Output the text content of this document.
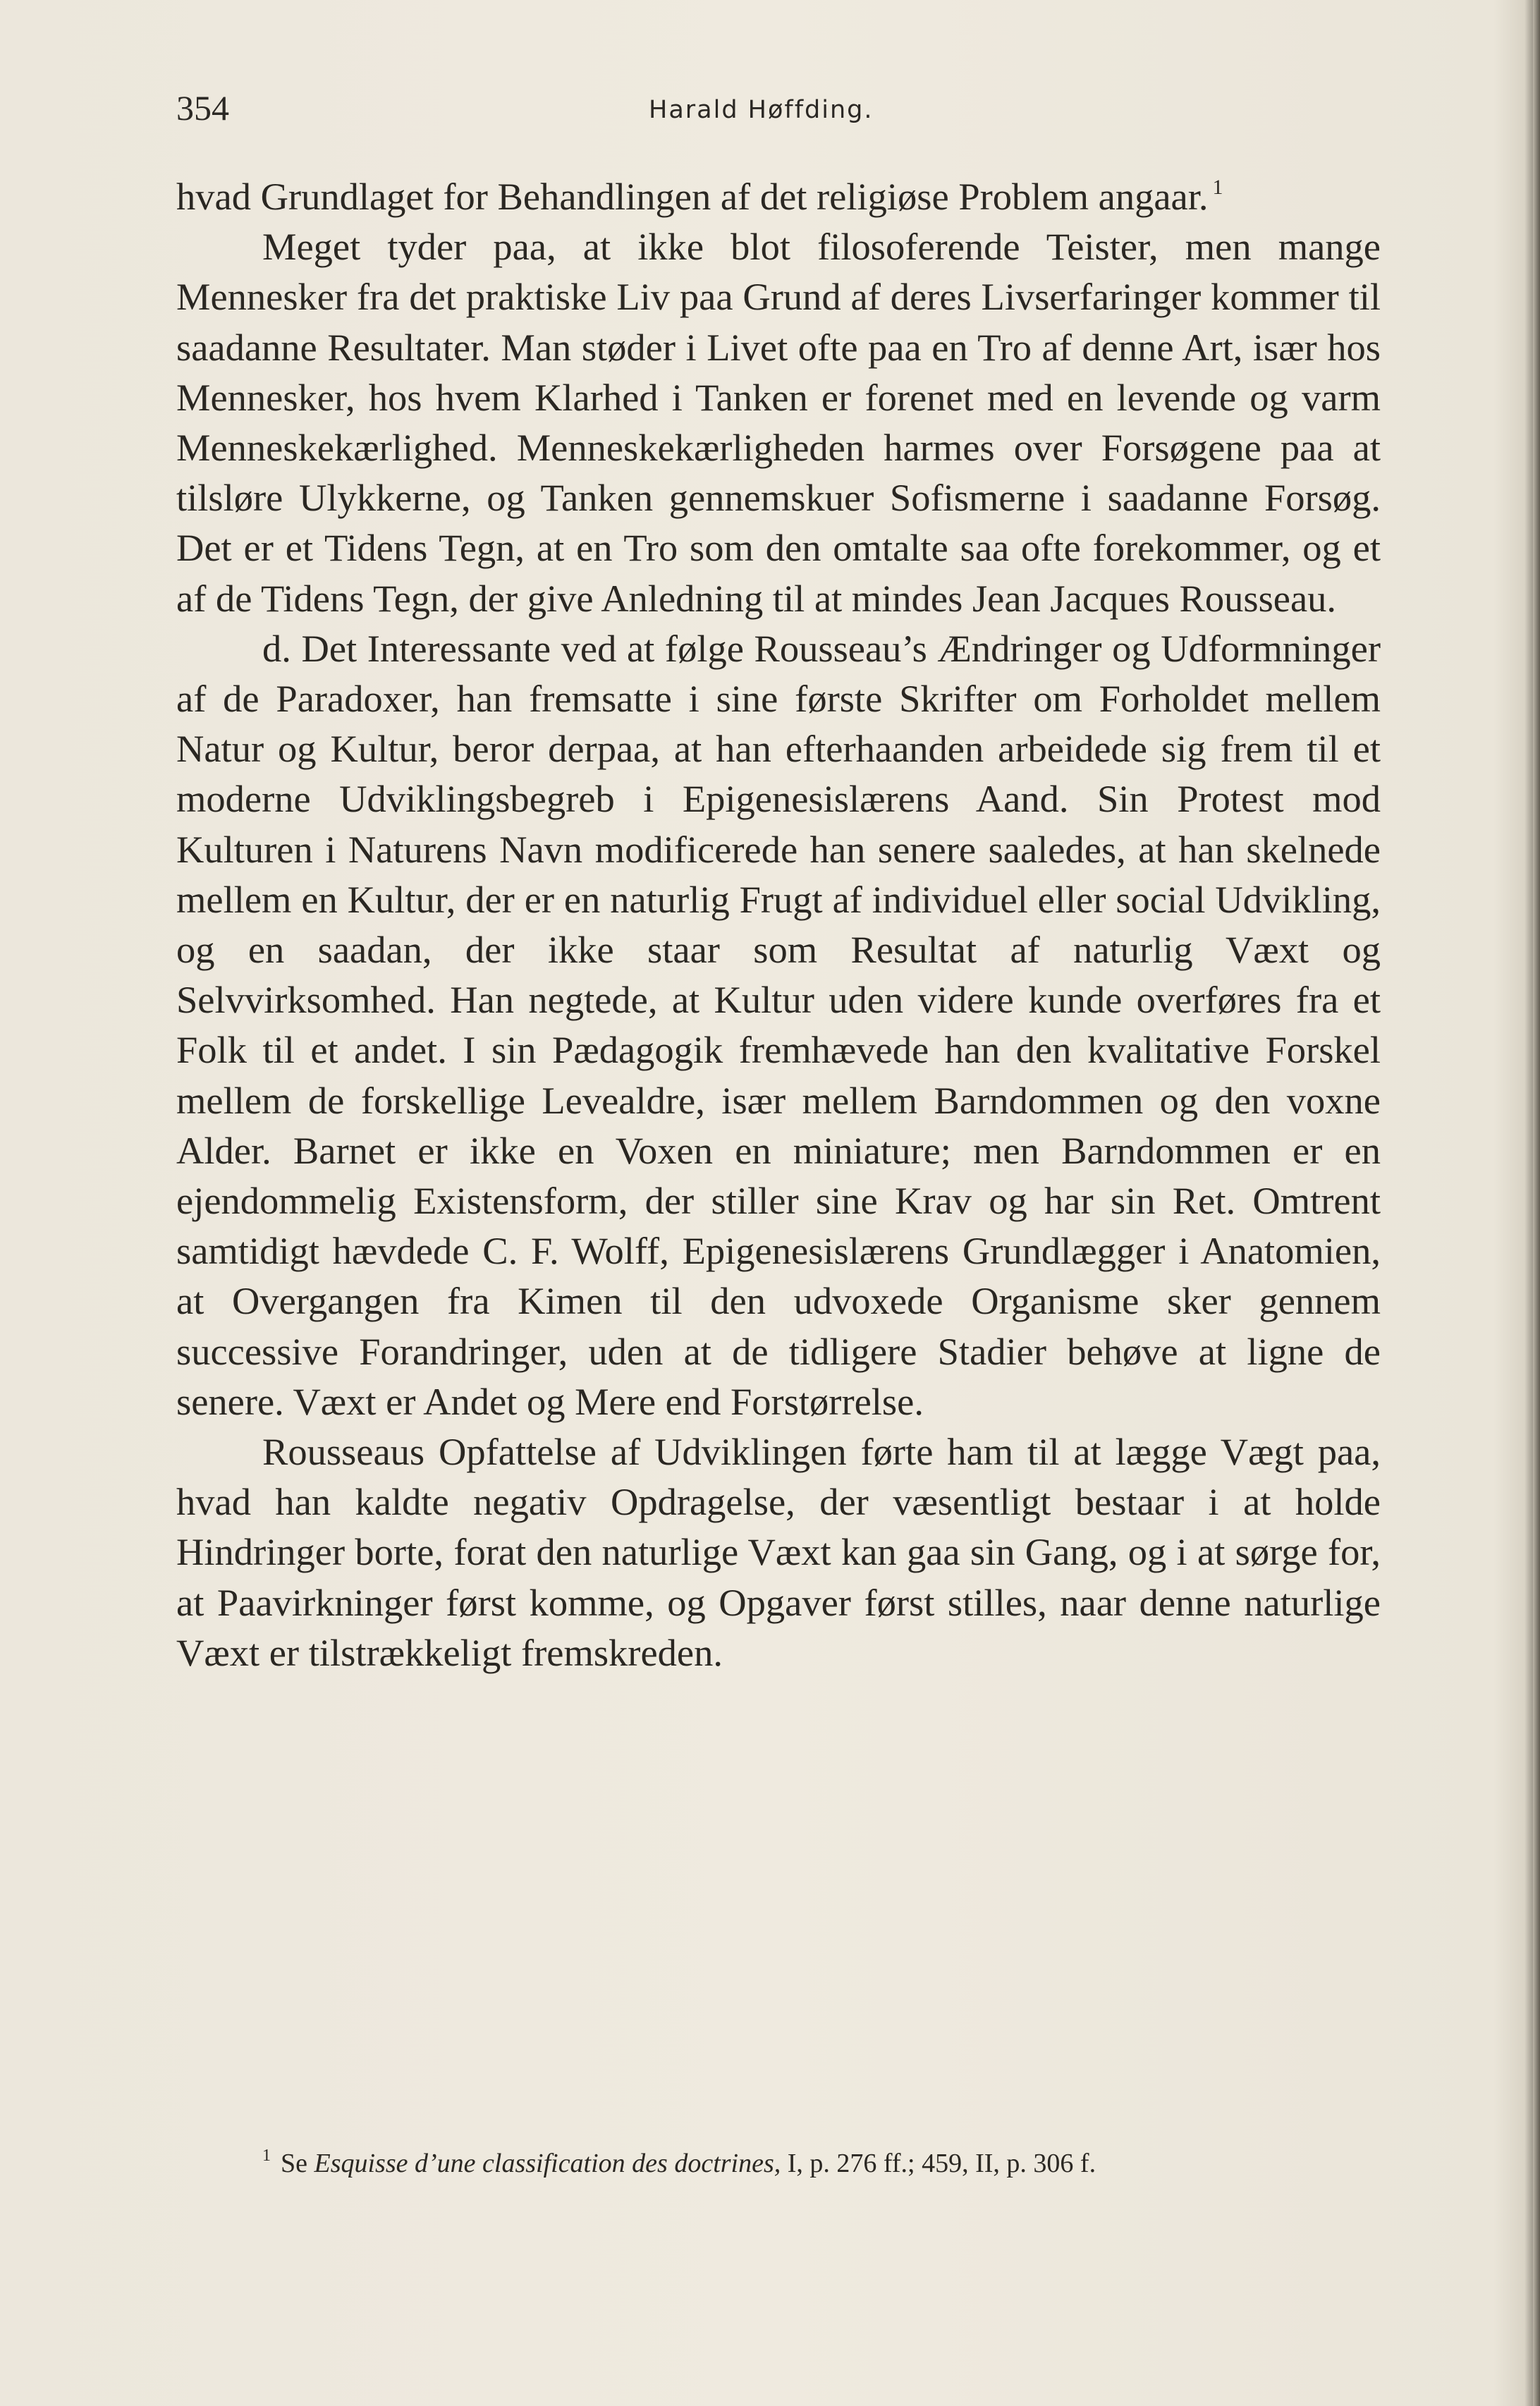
354	Harald Høffding.

hvad Grundlaget for Behandlingen af det religiøse Problem angaar. $^1$

Meget tyder paa, at ikke blot filosoferende Teister, men mange Mennesker fra det praktiske Liv paa Grund af deres Livserfaringer kommer til saadanne Resultater. Man støder i Livet ofte paa en Tro af denne Art, især hos Mennesker, hos hvem Klarhed i Tanken er forenet med en levende og varm Menneskekærlighed. Menneskekærligheden harmes over Forsøgene paa at tilsløre Ulykkerne, og Tanken gennemskuer Sofismerne i saadanne Forsøg. Det er et Tidens Tegn, at en Tro som den omtalte saa ofte forekommer, og et af de Tidens Tegn, der give Anledning til at mindes Jean Jacques Rousseau.

d. Det Interessante ved at følge Rousseau’s Ændringer og Udformninger af de Paradoxer, han fremsatte i sine første Skrifter om Forholdet mellem Natur og Kultur, beror derpaa, at han efterhaanden arbeidede sig frem til et moderne Udviklingsbegreb i Epigenesislærens Aand. Sin Protest mod Kulturen i Naturens Navn modificerede han senere saaledes, at han skelnede mellem en Kultur, der er en naturlig Frugt af individuel eller social Udvikling, og en saadan, der ikke staar som Resultat af naturlig Væxt og Selvvirksomhed. Han negtede, at Kultur uden videre kunde overføres fra et Folk til et andet. I sin Pædagogik fremhævede han den kvalitative Forskel mellem de forskellige Levealdre, især mellem Barndommen og den voxne Alder. Barnet er ikke en Voxen en miniature; men Barndommen er en ejendommelig Existensform, der stiller sine Krav og har sin Ret. Omtrent samtidigt hævdede C. F. Wolff, Epigenesislærens Grundlægger i Anatomien, at Overgangen fra Kimen til den udvoxede Organisme sker gennem successive Forandringer, uden at de tidligere Stadier behøve at ligne de senere. Væxt er Andet og Mere end Forstørrelse.

Rousseaus Opfattelse af Udviklingen førte ham til at lægge Vægt paa, hvad han kaldte negativ Opdragelse, der væsentligt bestaar i at holde Hindringer borte, forat den naturlige Væxt kan gaa sin Gang, og i at sørge for, at Paavirkninger først komme, og Opgaver først stilles, naar denne naturlige Væxt er tilstrækkeligt fremskreden.

$^1$ Se Esquisse d’une classification des doctrines, I, p. 276 ff.; 459, II, p. 306 f.
